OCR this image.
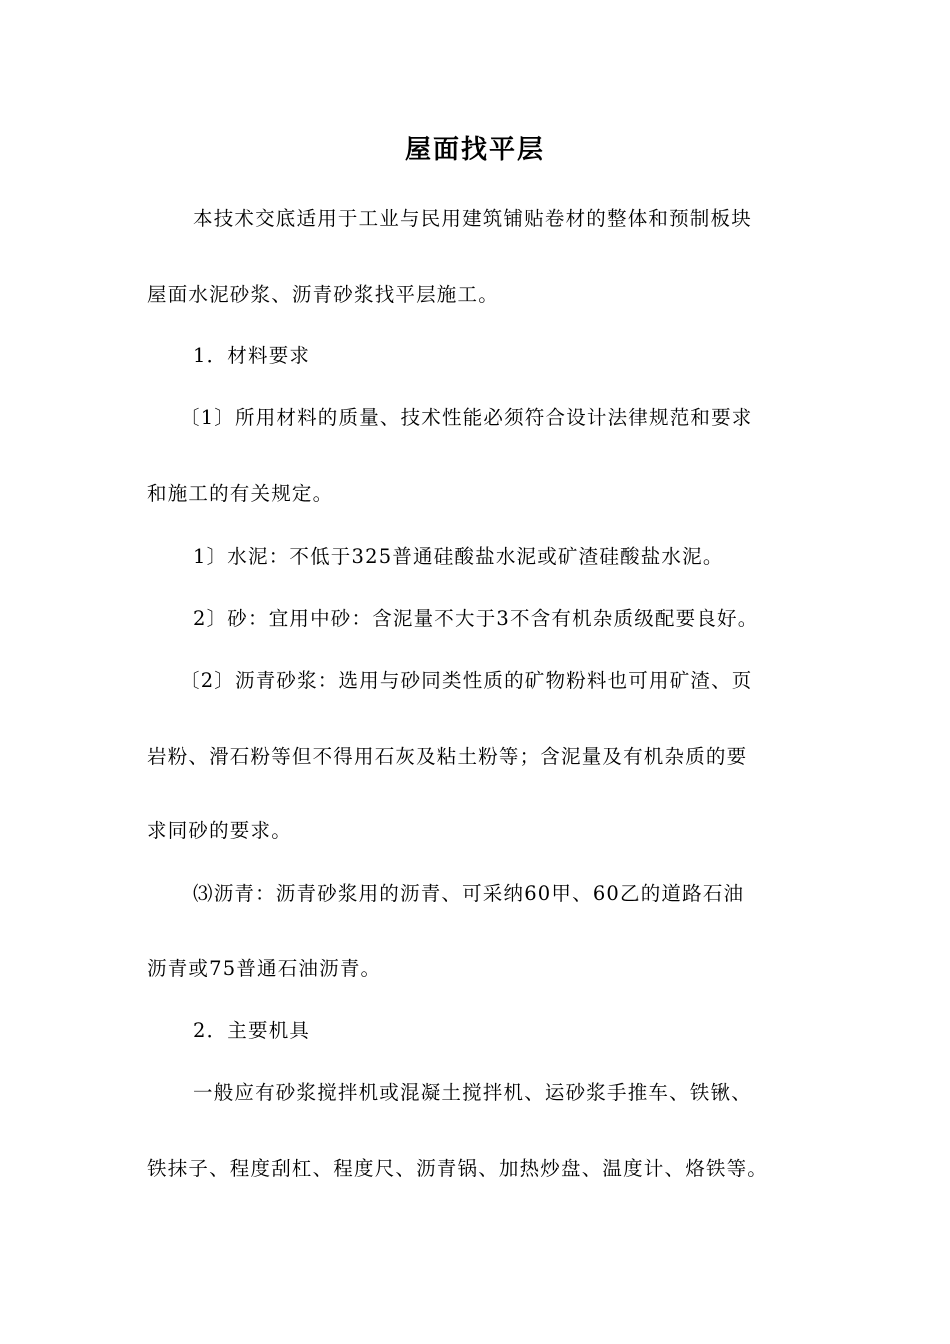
屋面找平层
本技术交底适用于工业与民用建筑铺贴卷材的整体和预制板块
屋面水泥砂浆、沥青砂浆找平层施工。
1．材料要求
〔1〕所用材料的质量、技术性能必须符合设计法律规范和要求
和施工的有关规定。
1〕水泥：不低于325普通硅酸盐水泥或矿渣硅酸盐水泥。
2〕砂：宜用中砂：含泥量不大于3不含有机杂质级配要良好。
〔2〕沥青砂浆：选用与砂同类性质的矿物粉料也可用矿渣、页
岩粉、滑石粉等但不得用石灰及粘土粉等；含泥量及有机杂质的要
求同砂的要求。
⑶沥青：沥青砂浆用的沥青、可采纳60甲、60乙的道路石油
沥青或75普通石油沥青。
2．主要机具
一般应有砂浆搅拌机或混凝土搅拌机、运砂浆手推车、铁锹、
铁抹子、程度刮杠、程度尺、沥青锅、加热炒盘、温度计、烙铁等。
